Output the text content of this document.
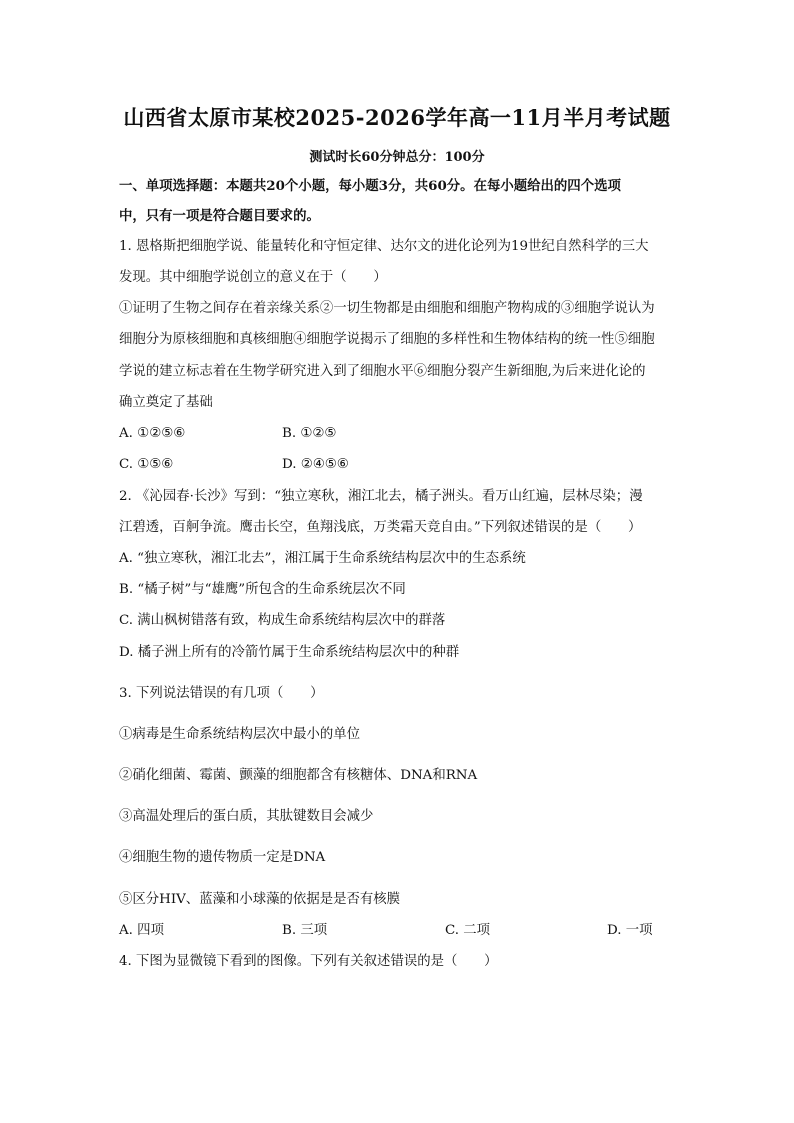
山西省太原市某校2025-2026学年高一11月半月考试题
测试时长60分钟总分：100分
一、单项选择题：本题共20个小题，每小题3分，共60分。在每小题给出的四个选项
中，只有一项是符合题目要求的。
1. 恩格斯把细胞学说、能量转化和守恒定律、达尔文的进化论列为19世纪自然科学的三大
发现。其中细胞学说创立的意义在于（　　）
①证明了生物之间存在着亲缘关系②一切生物都是由细胞和细胞产物构成的③细胞学说认为
细胞分为原核细胞和真核细胞④细胞学说揭示了细胞的多样性和生物体结构的统一性⑤细胞
学说的建立标志着在生物学研究进入到了细胞水平⑥细胞分裂产生新细胞,为后来进化论的
确立奠定了基础
A. ①②⑤⑥	B. ①②⑤
C. ①⑤⑥	D. ②④⑤⑥
2. 《沁园春·长沙》写到：“独立寒秋，湘江北去，橘子洲头。看万山红遍，层林尽染；漫
江碧透，百舸争流。鹰击长空，鱼翔浅底，万类霜天竞自由。”下列叙述错误的是（　　）
A. “独立寒秋，湘江北去”，湘江属于生命系统结构层次中的生态系统
B. “橘子树”与“雄鹰”所包含的生命系统层次不同
C. 满山枫树错落有致，构成生命系统结构层次中的群落
D. 橘子洲上所有的冷箭竹属于生命系统结构层次中的种群
3. 下列说法错误的有几项（　　）
①病毒是生命系统结构层次中最小的单位
②硝化细菌、霉菌、颤藻的细胞都含有核糖体、DNA和RNA
③高温处理后的蛋白质，其肽键数目会减少
④细胞生物的遗传物质一定是DNA
⑤区分HIV、蓝藻和小球藻的依据是是否有核膜
A. 四项	B. 三项	C. 二项	D. 一项
4. 下图为显微镜下看到的图像。下列有关叙述错误的是（　　）
